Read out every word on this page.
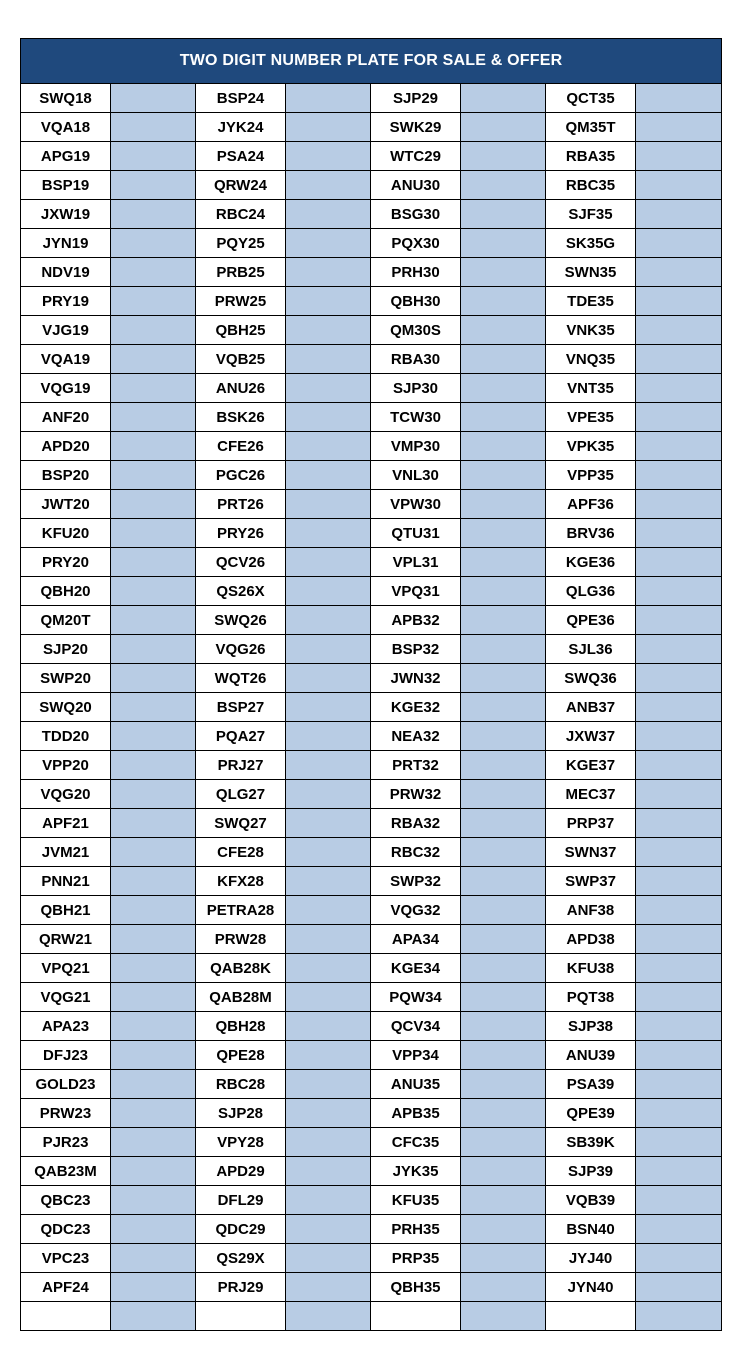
TWO DIGIT NUMBER PLATE FOR SALE & OFFER							
SWQ18		BSP24		SJP29		QCT35	
VQA18		JYK24		SWK29		QM35T	
APG19		PSA24		WTC29		RBA35	
BSP19		QRW24		ANU30		RBC35	
JXW19		RBC24		BSG30		SJF35	
JYN19		PQY25		PQX30		SK35G	
NDV19		PRB25		PRH30		SWN35	
PRY19		PRW25		QBH30		TDE35	
VJG19		QBH25		QM30S		VNK35	
VQA19		VQB25		RBA30		VNQ35	
VQG19		ANU26		SJP30		VNT35	
ANF20		BSK26		TCW30		VPE35	
APD20		CFE26		VMP30		VPK35	
BSP20		PGC26		VNL30		VPP35	
JWT20		PRT26		VPW30		APF36	
KFU20		PRY26		QTU31		BRV36	
PRY20		QCV26		VPL31		KGE36	
QBH20		QS26X		VPQ31		QLG36	
QM20T		SWQ26		APB32		QPE36	
SJP20		VQG26		BSP32		SJL36	
SWP20		WQT26		JWN32		SWQ36	
SWQ20		BSP27		KGE32		ANB37	
TDD20		PQA27		NEA32		JXW37	
VPP20		PRJ27		PRT32		KGE37	
VQG20		QLG27		PRW32		MEC37	
APF21		SWQ27		RBA32		PRP37	
JVM21		CFE28		RBC32		SWN37	
PNN21		KFX28		SWP32		SWP37	
QBH21		PETRA28		VQG32		ANF38	
QRW21		PRW28		APA34		APD38	
VPQ21		QAB28K		KGE34		KFU38	
VQG21		QAB28M		PQW34		PQT38	
APA23		QBH28		QCV34		SJP38	
DFJ23		QPE28		VPP34		ANU39	
GOLD23		RBC28		ANU35		PSA39	
PRW23		SJP28		APB35		QPE39	
PJR23		VPY28		CFC35		SB39K	
QAB23M		APD29		JYK35		SJP39	
QBC23		DFL29		KFU35		VQB39	
QDC23		QDC29		PRH35		BSN40	
VPC23		QS29X		PRP35		JYJ40	
APF24		PRJ29		QBH35		JYN40	
